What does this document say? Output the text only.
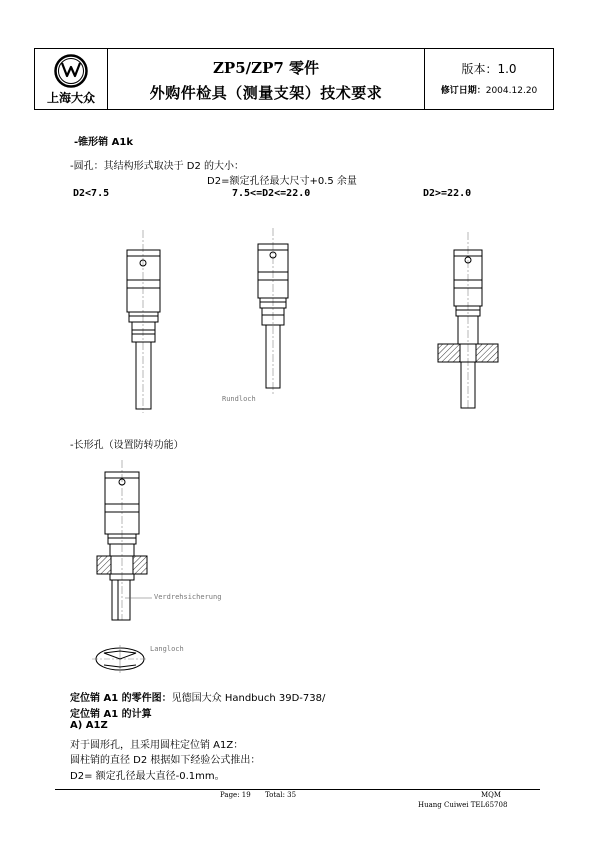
上海大众
ZP5/ZP7 零件
外购件检具（测量支架）技术要求
版本：1.0
修订日期：2004.12.20
-锥形销 A1k
-圆孔：其结构形式取决于 D2 的大小：
D2=额定孔径最大尺寸+0.5 余量
D2<7.5	7.5<=D2<=22.0	D2>=22.0
Rundloch
-长形孔（设置防转功能）
Verdrehsicherung
Langloch
定位销 A1 的零件图：见德国大众 Handbuch 39D-738/
定位销 A1 的计算
A) A1Z
对于圆形孔，且采用圆柱定位销 A1Z：
圆柱销的直径 D2 根据如下经验公式推出：
D2= 额定孔径最大直径-0.1mm。
Page: 19 Total: 35	MQM
Huang Cuiwei TEL65708
